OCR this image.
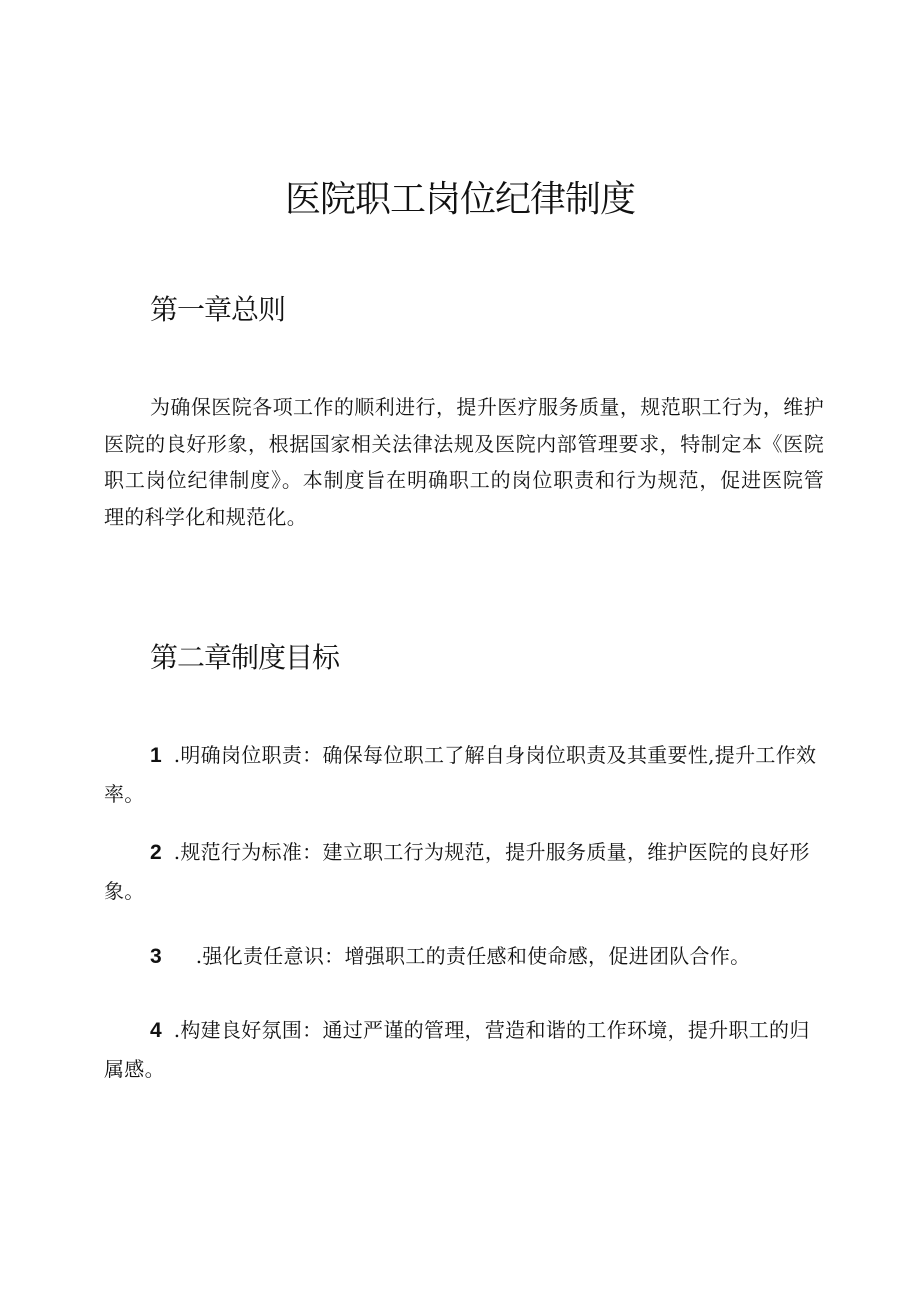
医院职工岗位纪律制度
第一章总则

为确保医院各项工作的顺利进行，提升医疗服务质量，规范职工行为，维护医院的良好形象，根据国家相关法律法规及医院内部管理要求，特制定本《医院职工岗位纪律制度》。本制度旨在明确职工的岗位职责和行为规范，促进医院管理的科学化和规范化。

第二章制度目标

1 .明确岗位职责：确保每位职工了解自身岗位职责及其重要性,提升工作效率。

2 .规范行为标准：建立职工行为规范，提升服务质量，维护医院的良好形象。

3 .强化责任意识：增强职工的责任感和使命感，促进团队合作。

4 .构建良好氛围：通过严谨的管理，营造和谐的工作环境，提升职工的归属感。
